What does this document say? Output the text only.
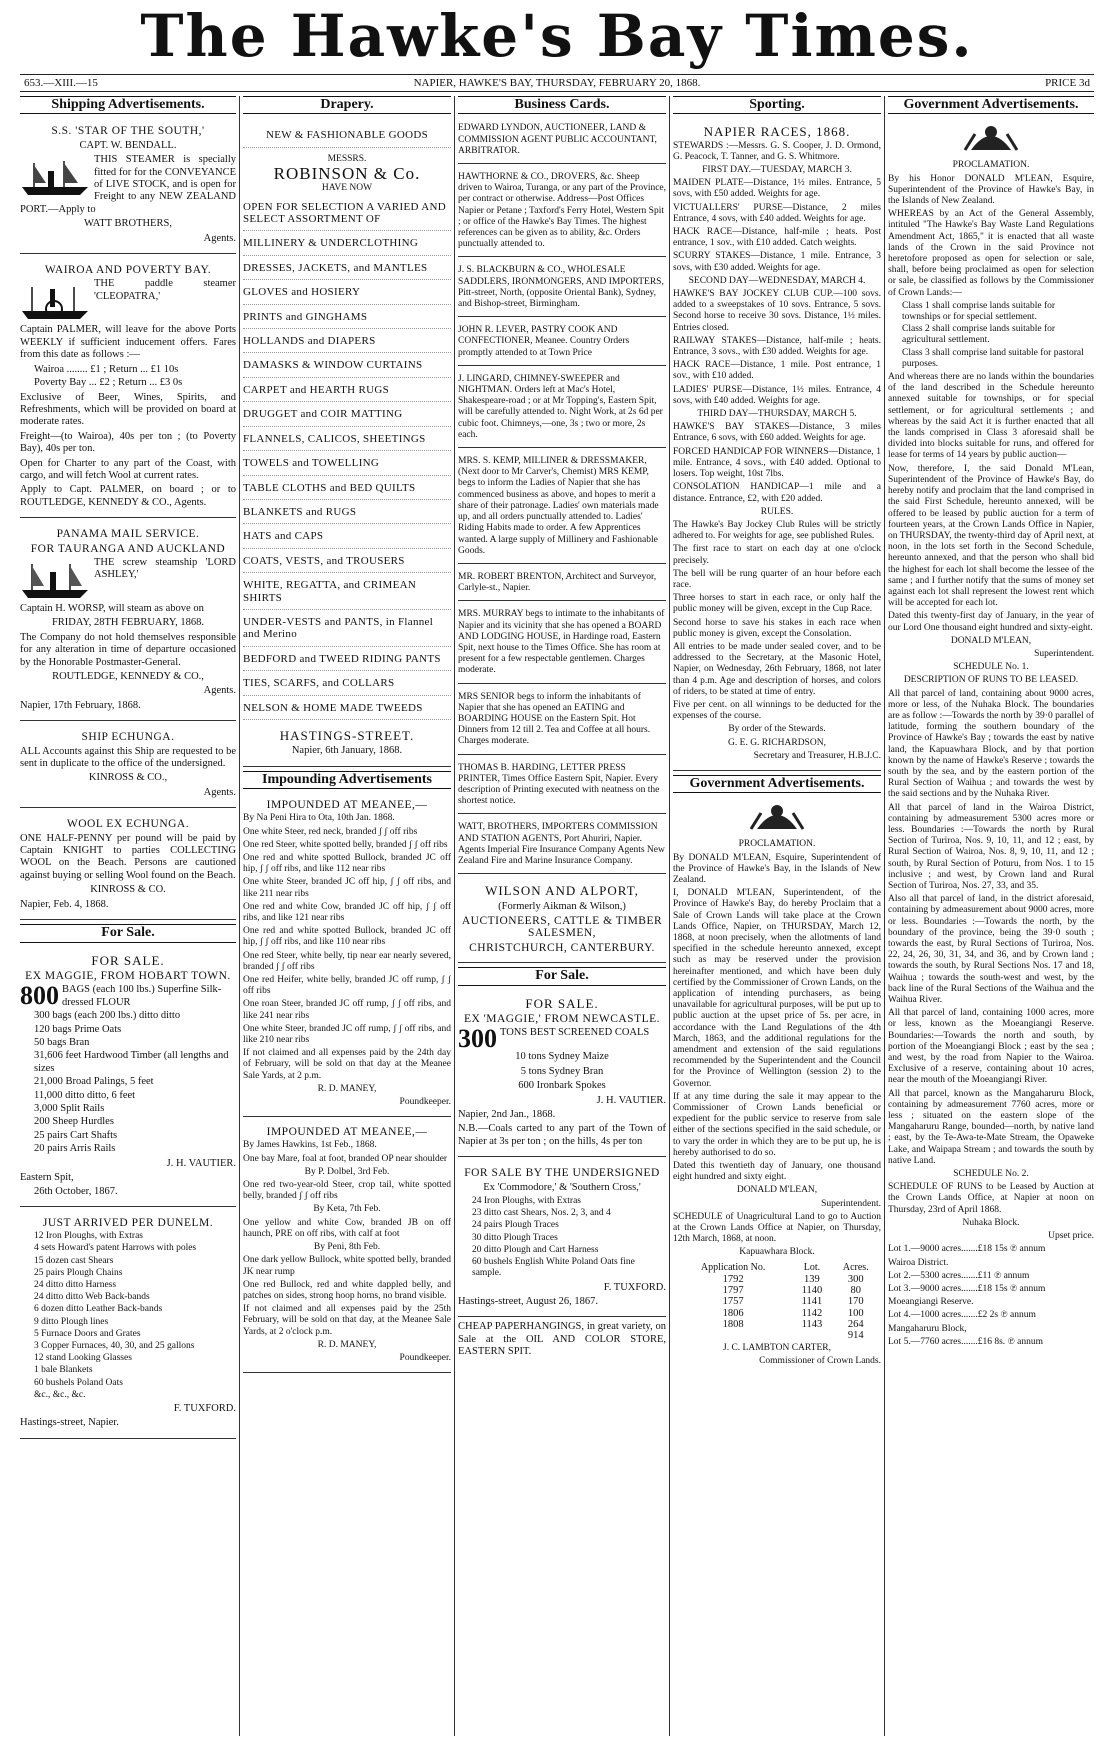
The Hawke's Bay Times.
653.—XIII.—15	NAPIER, HAWKE'S BAY, THURSDAY, FEBRUARY 20, 1868.	PRICE 3d
Shipping Advertisements.
S.S. 'STAR OF THE SOUTH,'
CAPT. W. BENDALL.
THIS STEAMER is specially fitted for for the CONVEYANCE of LIVE STOCK, and is open for Freight to any NEW ZEALAND PORT.—Apply to
WATT BROTHERS,
Agents.
WAIROA AND POVERTY BAY.
THE paddle steamer 'CLEOPATRA,'
Captain PALMER, will leave for the above Ports WEEKLY if sufficient inducement offers. Fares from this date as follows :—
Wairoa ........ £1 ; Return ... £1 10s
Poverty Bay ... £2 ; Return ... £3 0s
Exclusive of Beer, Wines, Spirits, and Refreshments, which will be provided on board at moderate rates.
Freight—(to Wairoa), 40s per ton ; (to Poverty Bay), 40s per ton.
Open for Charter to any part of the Coast, with cargo, and will fetch Wool at current rates.
Apply to Capt. PALMER, on board ; or to ROUTLEDGE, KENNEDY & CO., Agents.
PANAMA MAIL SERVICE.
FOR TAURANGA AND AUCKLAND
THE screw steamship 'LORD ASHLEY,'
Captain H. WORSP, will steam as above on
FRIDAY, 28TH FEBRUARY, 1868.
The Company do not hold themselves responsible for any alteration in time of departure occasioned by the Honorable Postmaster-General.
ROUTLEDGE, KENNEDY & CO.,
Agents.
Napier, 17th February, 1868.
SHIP ECHUNGA.
ALL Accounts against this Ship are requested to be sent in duplicate to the office of the undersigned.
KINROSS & CO.,
Agents.
WOOL EX ECHUNGA.
ONE HALF-PENNY per pound will be paid by Captain KNIGHT to parties COLLECTING WOOL on the Beach. Persons are cautioned against buying or selling Wool found on the Beach.
KINROSS & CO.
Napier, Feb. 4, 1868.
For Sale.
FOR SALE.
EX MAGGIE, FROM HOBART TOWN.
800 BAGS (each 100 lbs.) Superfine Silk-dressed FLOUR
300 bags (each 200 lbs.) ditto ditto
120 bags Prime Oats
50 bags Bran
31,606 feet Hardwood Timber (all lengths and sizes
21,000 Broad Palings, 5 feet
11,000 ditto ditto, 6 feet
3,000 Split Rails
200 Sheep Hurdles
25 pairs Cart Shafts
20 pairs Arris Rails
J. H. VAUTIER.
Eastern Spit,
26th October, 1867.
JUST ARRIVED PER DUNELM.
12 Iron Ploughs, with Extras
4 sets Howard's patent Harrows with poles
15 dozen cast Shears
25 pairs Plough Chains
24 ditto ditto Harness
24 ditto ditto Web Back-bands
6 dozen ditto Leather Back-bands
9 ditto Plough lines
5 Furnace Doors and Grates
3 Copper Furnaces, 40, 30, and 25 gallons
12 stand Looking Glasses
1 bale Blankets
60 bushels Poland Oats
&c., &c., &c.
F. TUXFORD.
Hastings-street, Napier.
Drapery.
NEW & FASHIONABLE GOODS
MESSRS.
ROBINSON & Co.
HAVE NOW
OPEN FOR SELECTION A VARIED AND SELECT ASSORTMENT OF
MILLINERY & UNDERCLOTHING
DRESSES, JACKETS, and MANTLES
GLOVES and HOSIERY
PRINTS and GINGHAMS
HOLLANDS and DIAPERS
DAMASKS & WINDOW CURTAINS
CARPET and HEARTH RUGS
DRUGGET and COIR MATTING
FLANNELS, CALICOS, SHEETINGS
TOWELS and TOWELLING
TABLE CLOTHS and BED QUILTS
BLANKETS and RUGS
HATS and CAPS
COATS, VESTS, and TROUSERS
WHITE, REGATTA, and CRIMEAN SHIRTS
UNDER-VESTS and PANTS, in Flannel and Merino
BEDFORD and TWEED RIDING PANTS
TIES, SCARFS, and COLLARS
NELSON & HOME MADE TWEEDS
HASTINGS-STREET.
Napier, 6th January, 1868.
Impounding Advertisements
IMPOUNDED AT MEANEE,—
By Na Peni Hira to Ota, 10th Jan. 1868.
One white Steer, red neck, branded ʃ ʃ off ribs
One red Steer, white spotted belly, branded ʃ ʃ off ribs
One red and white spotted Bullock, branded JC off hip, ʃ ʃ off ribs, and like 112 near ribs
One white Steer, branded JC off hip, ʃ ʃ off ribs, and like 211 near ribs
One red and white Cow, branded JC off hip, ʃ ʃ off ribs, and like 121 near ribs
One red and white spotted Bullock, branded JC off hip, ʃ ʃ off ribs, and like 110 near ribs
One red Steer, white belly, tip near ear nearly severed, branded ʃ ʃ off ribs
One red Heifer, white belly, branded JC off rump, ʃ ʃ off ribs
One roan Steer, branded JC off rump, ʃ ʃ off ribs, and like 241 near ribs
One white Steer, branded JC off rump, ʃ ʃ off ribs, and like 210 near ribs
If not claimed and all expenses paid by the 24th day of February, will be sold on that day at the Meanee Sale Yards, at 2 p.m.
R. D. MANEY,
Poundkeeper.
IMPOUNDED AT MEANEE,—
By James Hawkins, 1st Feb., 1868.
One bay Mare, foal at foot, branded OP near shoulder
By P. Dolbel, 3rd Feb.
One red two-year-old Steer, crop tail, white spotted belly, branded ʃ ʃ off ribs
By Keta, 7th Feb.
One yellow and white Cow, branded JB on off haunch, PRE on off ribs, with calf at foot
By Peni, 8th Feb.
One dark yellow Bullock, white spotted belly, branded JK near rump
One red Bullock, red and white dappled belly, and patches on sides, strong hoop horns, no brand visible.
If not claimed and all expenses paid by the 25th February, will be sold on that day, at the Meanee Sale Yards, at 2 o'clock p.m.
R. D. MANEY,
Poundkeeper.
Business Cards.
EDWARD LYNDON, AUCTIONEER, LAND & COMMISSION AGENT PUBLIC ACCOUNTANT, ARBITRATOR.
HAWTHORNE & CO., DROVERS, &c. Sheep driven to Wairoa, Turanga, or any part of the Province, per contract or otherwise. Address—Post Offices Napier or Petane ; Taxford's Ferry Hotel, Western Spit ; or office of the Hawke's Bay Times. The highest references can be given as to ability, &c. Orders punctually attended to.
J. S. BLACKBURN & CO., WHOLESALE SADDLERS, IRONMONGERS, AND IMPORTERS, Pitt-street, North, (opposite Oriental Bank), Sydney, and Bishop-street, Birmingham.
JOHN R. LEVER, PASTRY COOK AND CONFECTIONER, Meanee. Country Orders promptly attended to at Town Price
J. LINGARD, CHIMNEY-SWEEPER and NIGHTMAN. Orders left at Mac's Hotel, Shakespeare-road ; or at Mr Topping's, Eastern Spit, will be carefully attended to. Night Work, at 2s 6d per cubic foot. Chimneys,—one, 3s ; two or more, 2s each.
MRS. S. KEMP, MILLINER & DRESSMAKER, (Next door to Mr Carver's, Chemist) MRS KEMP, begs to inform the Ladies of Napier that she has commenced business as above, and hopes to merit a share of their patronage. Ladies' own materials made up, and all orders punctually attended to. Ladies' Riding Habits made to order. A few Apprentices wanted. A large supply of Millinery and Fashionable Goods.
MR. ROBERT BRENTON, Architect and Surveyor, Carlyle-st., Napier.
MRS. MURRAY begs to intimate to the inhabitants of Napier and its vicinity that she has opened a BOARD AND LODGING HOUSE, in Hardinge road, Eastern Spit, next house to the Times Office. She has room at present for a few respectable gentlemen. Charges moderate.
MRS SENIOR begs to inform the inhabitants of Napier that she has opened an EATING and BOARDING HOUSE on the Eastern Spit. Hot Dinners from 12 till 2. Tea and Coffee at all hours. Charges moderate.
THOMAS B. HARDING, LETTER PRESS PRINTER, Times Office Eastern Spit, Napier. Every description of Printing executed with neatness on the shortest notice.
WATT, BROTHERS, IMPORTERS COMMISSION AND STATION AGENTS, Port Ahuriri, Napier. Agents Imperial Fire Insurance Company Agents New Zealand Fire and Marine Insurance Company.
WILSON AND ALPORT,
(Formerly Aikman & Wilson,)
AUCTIONEERS, CATTLE & TIMBER SALESMEN,
CHRISTCHURCH, CANTERBURY.
For Sale.
FOR SALE.
EX 'MAGGIE,' FROM NEWCASTLE.
300 TONS BEST SCREENED COALS
10 tons Sydney Maize
5 tons Sydney Bran
600 Ironbark Spokes
J. H. VAUTIER.
Napier, 2nd Jan., 1868.
N.B.—Coals carted to any part of the Town of Napier at 3s per ton ; on the hills, 4s per ton
FOR SALE BY THE UNDERSIGNED
Ex 'Commodore,' & 'Southern Cross,'
24 Iron Ploughs, with Extras
23 ditto cast Shears, Nos. 2, 3, and 4
24 pairs Plough Traces
30 ditto Plough Traces
20 ditto Plough and Cart Harness
60 bushels English White Poland Oats fine sample.
F. TUXFORD.
Hastings-street, August 26, 1867.
CHEAP PAPERHANGINGS, in great variety, on Sale at the OIL AND COLOR STORE, EASTERN SPIT.
Sporting.
NAPIER RACES, 1868.
STEWARDS :—Messrs. G. S. Cooper, J. D. Ormond, G. Peacock, T. Tanner, and G. S. Whitmore.
FIRST DAY.—TUESDAY, MARCH 3.
MAIDEN PLATE—Distance, 1½ miles. Entrance, 5 sovs, with £50 added. Weights for age.
VICTUALLERS' PURSE—Distance, 2 miles Entrance, 4 sovs, with £40 added. Weights for age.
HACK RACE—Distance, half-mile ; heats. Post entrance, 1 sov., with £10 added. Catch weights.
SCURRY STAKES—Distance, 1 mile. Entrance, 3 sovs, with £30 added. Weights for age.
SECOND DAY—WEDNESDAY, MARCH 4.
HAWKE'S BAY JOCKEY CLUB CUP.—100 sovs. added to a sweepstakes of 10 sovs. Entrance, 5 sovs. Second horse to receive 30 sovs. Distance, 1½ miles. Entries closed.
RAILWAY STAKES—Distance, half-mile ; heats. Entrance, 3 sovs., with £30 added. Weights for age.
HACK RACE—Distance, 1 mile. Post entrance, 1 sov., with £10 added.
LADIES' PURSE—Distance, 1½ miles. Entrance, 4 sovs, with £40 added. Weights for age.
THIRD DAY—THURSDAY, MARCH 5.
HAWKE'S BAY STAKES—Distance, 3 miles Entrance, 6 sovs, with £60 added. Weights for age.
FORCED HANDICAP FOR WINNERS—Distance, 1 mile. Entrance, 4 sovs., with £40 added. Optional to losers. Top weight, 10st 7lbs.
CONSOLATION HANDICAP—1 mile and a distance. Entrance, £2, with £20 added.
RULES.
The Hawke's Bay Jockey Club Rules will be strictly adhered to. For weights for age, see published Rules.
The first race to start on each day at one o'clock precisely.
The bell will be rung quarter of an hour before each race.
Three horses to start in each race, or only half the public money will be given, except in the Cup Race.
Second horse to save his stakes in each race when public money is given, except the Consolation.
All entries to be made under sealed cover, and to be addressed to the Secretary, at the Masonic Hotel, Napier, on Wednesday, 26th February, 1868, not later than 4 p.m. Age and description of horses, and colors of riders, to be stated at time of entry.
Five per cent. on all winnings to be deducted for the expenses of the course.
By order of the Stewards.
G. E. G. RICHARDSON,
Secretary and Treasurer, H.B.J.C.
Government Advertisements.
PROCLAMATION.
By DONALD M'LEAN, Esquire, Superintendent of the Province of Hawke's Bay, in the Islands of New Zealand.
I, DONALD M'LEAN, Superintendent, of the Province of Hawke's Bay, do hereby Proclaim that a Sale of Crown Lands will take place at the Crown Lands Office, Napier, on THURSDAY, March 12, 1868, at noon precisely, when the allotments of land specified in the schedule hereunto annexed, except such as may be reserved under the provision hereinafter mentioned, and which have been duly certified by the Commissioner of Crown Lands, on the application of intending purchasers, as being unavailable for agricultural purposes, will be put up to public auction at the upset price of 5s. per acre, in accordance with the Land Regulations of the 4th March, 1863, and the additional regulations for the amendment and extension of the said regulations recommended by the Superintendent and the Council for the Province of Wellington (session 2) to the Governor.
If at any time during the sale it may appear to the Commissioner of Crown Lands beneficial or expedient for the public service to reserve from sale either of the sections specified in the said schedule, or to vary the order in which they are to be put up, he is hereby authorised to do so.
Dated this twentieth day of January, one thousand eight hundred and sixty eight.
DONALD M'LEAN,
Superintendent.
SCHEDULE of Unagricultural Land to go to Auction at the Crown Lands Office at Napier, on Thursday, 12th March, 1868, at noon.
Kapuawhara Block.
Application No.	Lot.	Acres.
1792	139	300
1797	1140	80
1757	1141	170
1806	1142	100
1808	1143	264
		914
J. C. LAMBTON CARTER,
Commissioner of Crown Lands.
Government Advertisements.
PROCLAMATION.
By his Honor DONALD M'LEAN, Esquire, Superintendent of the Province of Hawke's Bay, in the Islands of New Zealand.
WHEREAS by an Act of the General Assembly, intituled "The Hawke's Bay Waste Land Regulations Amendment Act, 1865," it is enacted that all waste lands of the Crown in the said Province not heretofore proposed as open for selection or sale, shall, before being proclaimed as open for selection or sale, be classified as follows by the Commissioner of Crown Lands:—
Class 1 shall comprise lands suitable for townships or for special settlement.
Class 2 shall comprise lands suitable for agricultural settlement.
Class 3 shall comprise land suitable for pastoral purposes.
And whereas there are no lands within the boundaries of the land described in the Schedule hereunto annexed suitable for townships, or for special settlement, or for agricultural settlements ; and whereas by the said Act it is further enacted that all the lands comprised in Class 3 aforesaid shall be divided into blocks suitable for runs, and offered for lease for terms of 14 years by public auction—
Now, therefore, I, the said Donald M'Lean, Superintendent of the Province of Hawke's Bay, do hereby notify and proclaim that the land comprised in the said First Schedule, hereunto annexed, will be offered to be leased by public auction for a term of fourteen years, at the Crown Lands Office in Napier, on THURSDAY, the twenty-third day of April next, at noon, in the lots set forth in the Second Schedule, hereunto annexed, and that the person who shall bid the highest for each lot shall become the lessee of the same ; and I further notify that the sums of money set against each lot shall represent the lowest rent which will be accepted for each lot.
Dated this twenty-first day of January, in the year of our Lord One thousand eight hundred and sixty-eight.
DONALD M'LEAN,
Superintendent.
SCHEDULE No. 1.
DESCRIPTION OF RUNS TO BE LEASED.
All that parcel of land, containing about 9000 acres, more or less, of the Nuhaka Block. The boundaries are as follow :—Towards the north by 39·0 parallel of latitude, forming the southern boundary of the Province of Hawke's Bay ; towards the east by native land, the Kapuawhara Block, and by that portion known by the name of Hawke's Reserve ; towards the south by the sea, and by the eastern portion of the Rural Section of Waihua ; and towards the west by the said sections and by the Nuhaka River.
All that parcel of land in the Wairoa District, containing by admeasurement 5300 acres more or less. Boundaries :—Towards the north by Rural Section of Turiroa, Nos. 9, 10, 11, and 12 ; east, by Rural Section of Wairoa, Nos. 8, 9, 10, 11, and 12 ; south, by Rural Section of Poturu, from Nos. 1 to 15 inclusive ; and west, by Crown land and Rural Section of Turiroa, Nos. 27, 33, and 35.
Also all that parcel of land, in the district aforesaid, containing by admeasurement about 9000 acres, more or less. Boundaries :—Towards the north, by the boundary of the province, being the 39·0 south ; towards the east, by Rural Sections of Turiroa, Nos. 22, 24, 26, 30, 31, 34, and 36, and by Crown land ; towards the south, by Rural Sections Nos. 17 and 18, Waihua ; towards the south-west and west, by the back line of the Rural Sections of the Waihua and the Waihua River.
All that parcel of land, containing 1000 acres, more or less, known as the Moeangiangi Reserve. Boundaries:—Towards the north and south, by portion of the Moeangiangi Block ; east by the sea ; and west, by the road from Napier to the Wairoa. Exclusive of a reserve, containing about 10 acres, near the mouth of the Moeangiangi River.
All that parcel, known as the Mangaharuru Block, containing by admeasurement 7760 acres, more or less ; situated on the eastern slope of the Mangaharuru Range, bounded—north, by native land ; east, by the Te-Awa-te-Mate Stream, the Opaweke Lake, and Waipapa Stream ; and towards the south by native Land.
SCHEDULE No. 2.
SCHEDULE OF RUNS to be Leased by Auction at the Crown Lands Office, at Napier at noon on Thursday, 23rd of April 1868.
Nuhaka Block.
Upset price.
Lot 1.—9000 acres.......£18 15s ℗ annum
Wairoa District.
Lot 2.—5300 acres.......£11 ℗ annum
Lot 3.—9000 acres.......£18 15s ℗ annum
Moeangiangi Reserve.
Lot 4.—1000 acres.......£2 2s ℗ annum
Mangaharuru Block,
Lot 5.—7760 acres.......£16 8s. ℗ annum
